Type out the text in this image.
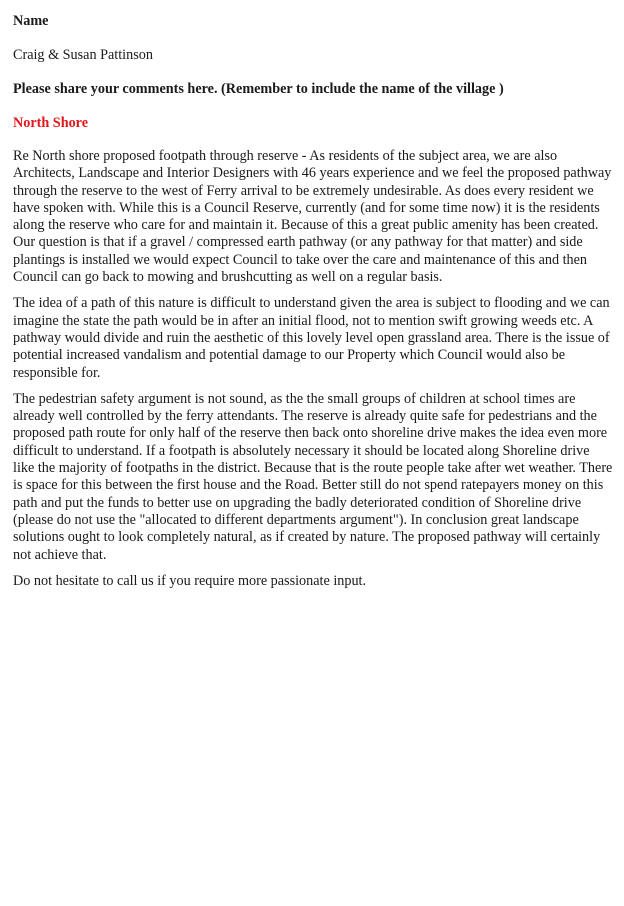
Name

Craig & Susan Pattinson

Please share your comments here. (Remember to include the name of the village )

North Shore

Re North shore proposed footpath through reserve - As residents of the subject area, we are also Architects, Landscape and Interior Designers with 46 years experience and we feel the proposed pathway through the reserve to the west of Ferry arrival to be extremely undesirable. As does every resident we have spoken with. While this is a Council Reserve, currently (and for some time now) it is the residents along the reserve who care for and maintain it. Because of this a great public amenity has been created. Our question is that if a gravel / compressed earth pathway (or any pathway for that matter) and side plantings is installed we would expect Council to take over the care and maintenance of this and then Council can go back to mowing and brushcutting as well on a regular basis.

The idea of a path of this nature is difficult to understand given the area is subject to flooding and we can imagine the state the path would be in after an initial flood, not to mention swift growing weeds etc. A pathway would divide and ruin the aesthetic of this lovely level open grassland area. There is the issue of potential increased vandalism and potential damage to our Property which Council would also be responsible for.

The pedestrian safety argument is not sound, as the the small groups of children at school times are already well controlled by the ferry attendants. The reserve is already quite safe for pedestrians and the proposed path route for only half of the reserve then back onto shoreline drive makes the idea even more difficult to understand. If a footpath is absolutely necessary it should be located along Shoreline drive like the majority of footpaths in the district. Because that is the route people take after wet weather. There is space for this between the first house and the Road. Better still do not spend ratepayers money on this path and put the funds to better use on upgrading the badly deteriorated condition of Shoreline drive (please do not use the "allocated to different departments argument"). In conclusion great landscape solutions ought to look completely natural, as if created by nature. The proposed pathway will certainly not achieve that.

Do not hesitate to call us if you require more passionate input.
